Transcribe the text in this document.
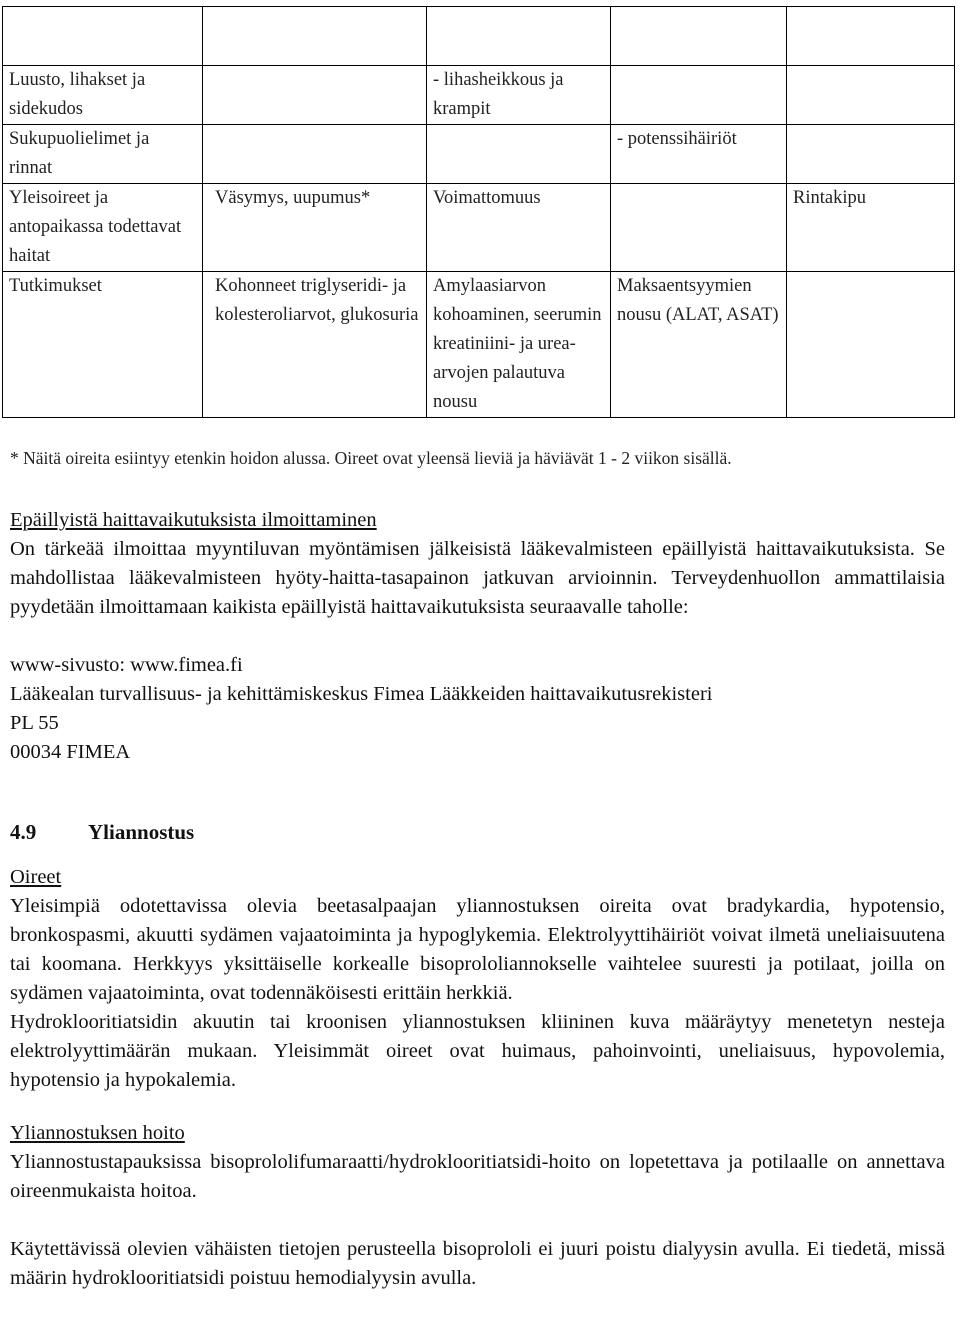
Luusto, lihakset ja sidekudos		- lihasheikkous ja krampit		
Sukupuolielimet ja rinnat			- potenssihäiriöt	
Yleisoireet ja antopaikassa todettavat haitat	Väsymys, uupumus*	Voimattomuus		Rintakipu
Tutkimukset	Kohonneet triglyseridi- ja kolesteroliarvot, glukosuria	Amylaasiarvon kohoaminen, seerumin kreatiniini- ja urea-arvojen palautuva nousu	Maksaentsyymien nousu (ALAT, ASAT)	
* Näitä oireita esiintyy etenkin hoidon alussa. Oireet ovat yleensä lieviä ja häviävät 1 - 2 viikon sisällä.

Epäillyistä haittavaikutuksista ilmoittaminen

On tärkeää ilmoittaa myyntiluvan myöntämisen jälkeisistä lääkevalmisteen epäillyistä haittavaikutuksista. Se mahdollistaa lääkevalmisteen hyöty-haitta-tasapainon jatkuvan arvioinnin. Terveydenhuollon ammattilaisia pyydetään ilmoittamaan kaikista epäillyistä haittavaikutuksista seuraavalle taholle:

www-sivusto: www.fimea.fi

Lääkealan turvallisuus- ja kehittämiskeskus Fimea Lääkkeiden haittavaikutusrekisteri

PL 55

00034 FIMEA

4.9 Yliannostus

Oireet

Yleisimpiä odotettavissa olevia beetasalpaajan yliannostuksen oireita ovat bradykardia, hypotensio, bronkospasmi, akuutti sydämen vajaatoiminta ja hypoglykemia. Elektrolyyttihäiriöt voivat ilmetä uneliaisuutena tai koomana. Herkkyys yksittäiselle korkealle bisoprololiannokselle vaihtelee suuresti ja potilaat, joilla on sydämen vajaatoiminta, ovat todennäköisesti erittäin herkkiä.

Hydroklooritiatsidin akuutin tai kroonisen yliannostuksen kliininen kuva määräytyy menetetyn nesteja elektrolyyttimäärän mukaan. Yleisimmät oireet ovat huimaus, pahoinvointi, uneliaisuus, hypovolemia, hypotensio ja hypokalemia.

Yliannostuksen hoito

Yliannostustapauksissa bisoprololifumaraatti/hydroklooritiatsidi-hoito on lopetettava ja potilaalle on annettava oireenmukaista hoitoa.

Käytettävissä olevien vähäisten tietojen perusteella bisoprololi ei juuri poistu dialyysin avulla. Ei tiedetä, missä määrin hydroklooritiatsidi poistuu hemodialyysin avulla.
